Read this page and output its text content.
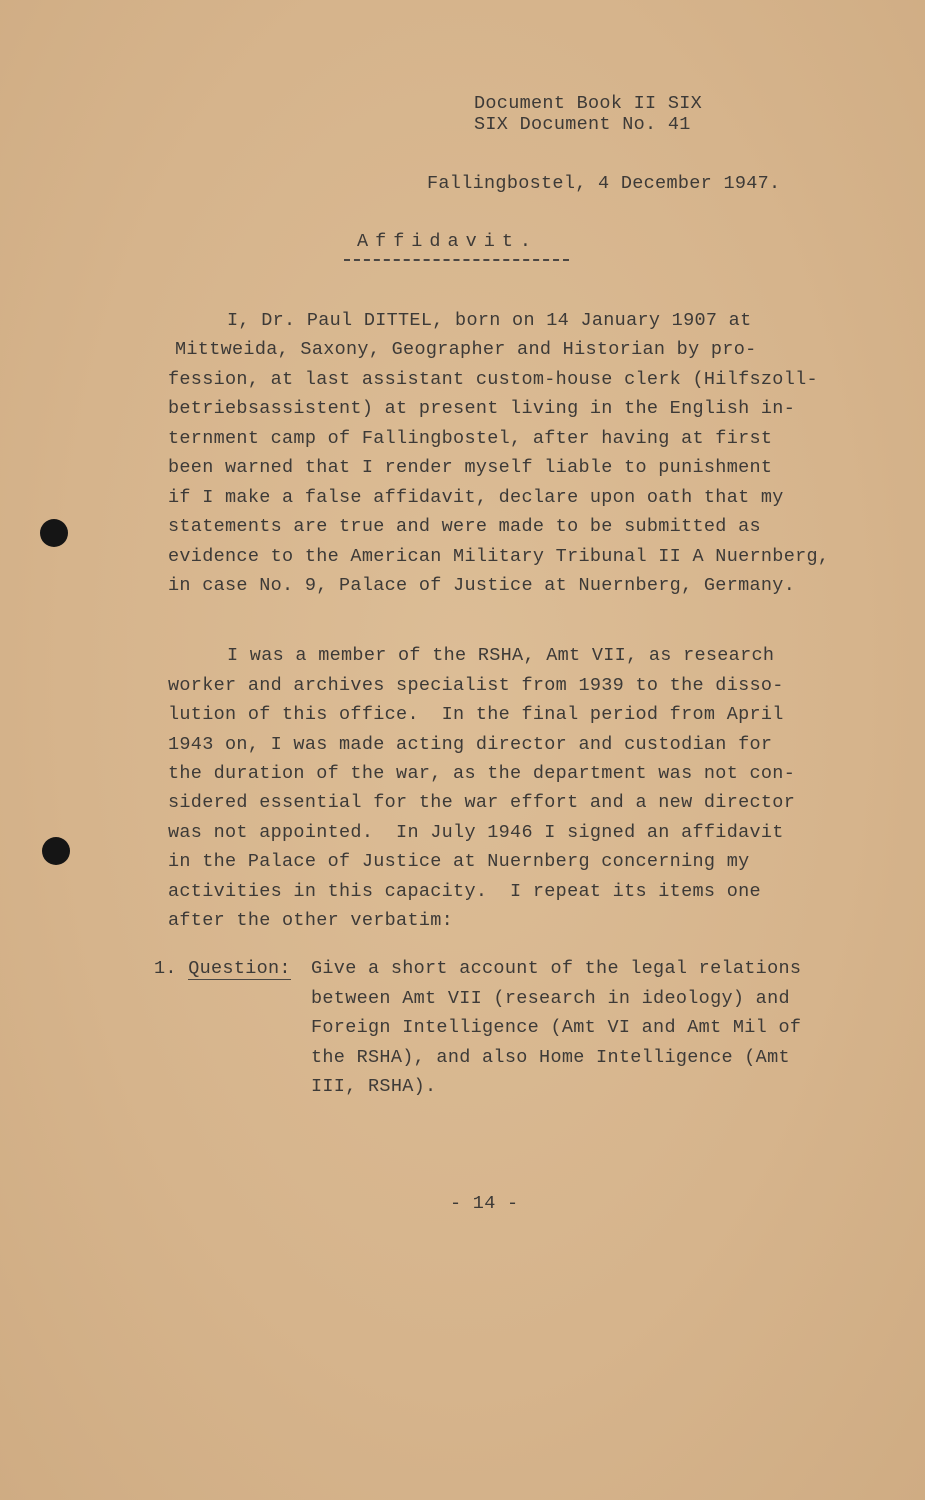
Document Book II SIX
SIX Document No. 41
Fallingbostel, 4 December 1947.
Affidavit.
I, Dr. Paul DITTEL, born on 14 January 1907 at
Mittweida, Saxony, Geographer and Historian by pro-
fession, at last assistant custom-house clerk (Hilfszoll-
betriebsassistent) at present living in the English in-
ternment camp of Fallingbostel, after having at first
been warned that I render myself liable to punishment
if I make a false affidavit, declare upon oath that my
statements are true and were made to be submitted as
evidence to the American Military Tribunal II A Nuernberg,
in case No. 9, Palace of Justice at Nuernberg, Germany.
I was a member of the RSHA, Amt VII, as research
worker and archives specialist from 1939 to the disso-
lution of this office.  In the final period from April
1943 on, I was made acting director and custodian for
the duration of the war, as the department was not con-
sidered essential for the war effort and a new director
was not appointed.  In July 1946 I signed an affidavit
in the Palace of Justice at Nuernberg concerning my
activities in this capacity.  I repeat its items one
after the other verbatim:
1. Question: Give a short account of the legal relations
between Amt VII (research in ideology) and
Foreign Intelligence (Amt VI and Amt Mil of
the RSHA), and also Home Intelligence (Amt
III, RSHA).
- 14 -
